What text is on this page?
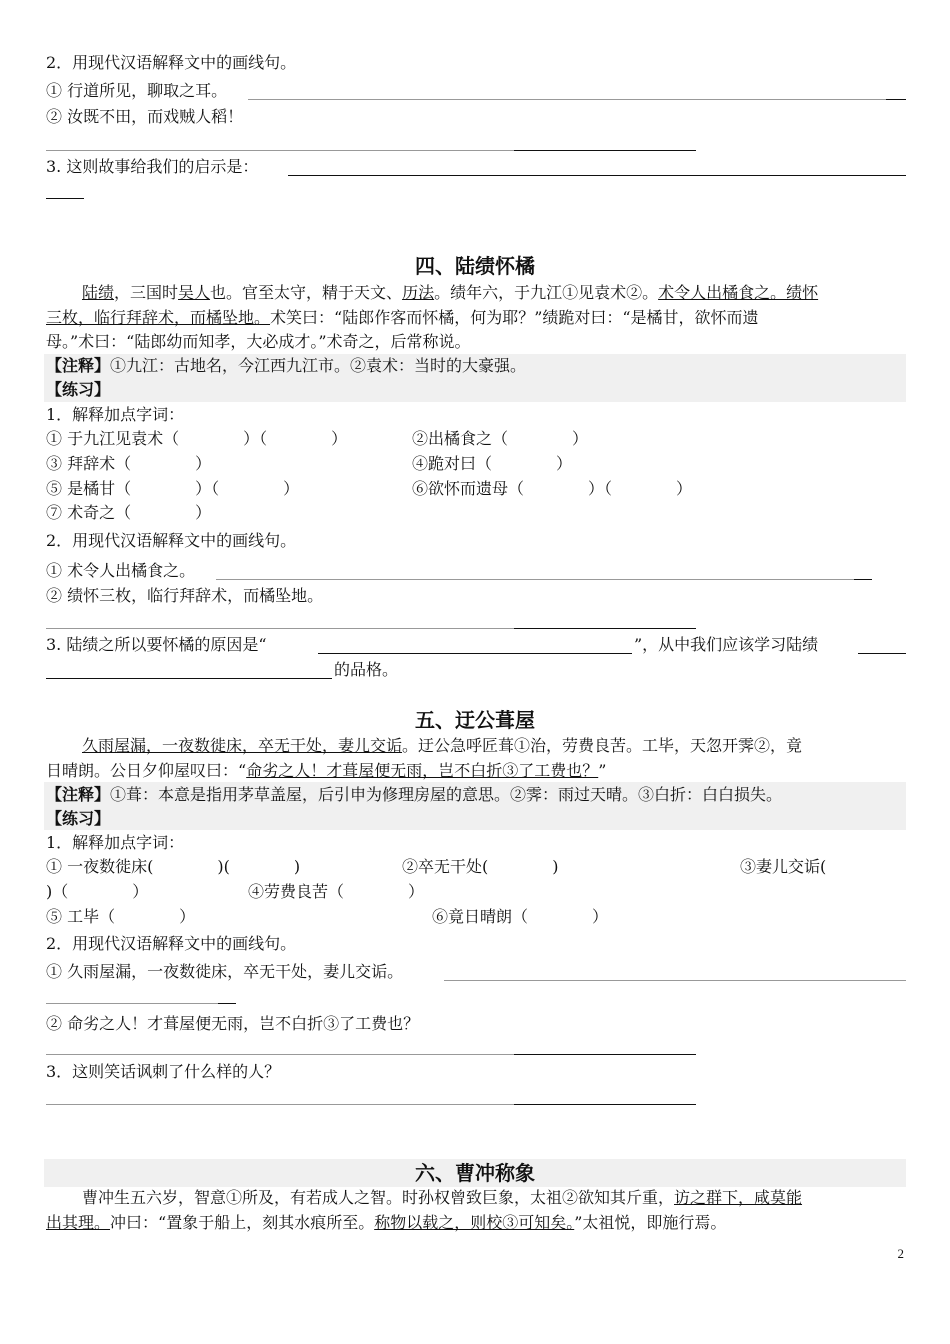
2．用现代汉语解释文中的画线句。
① 行道所见，聊取之耳。
② 汝既不田，而戏贼人稻！
3. 这则故事给我们的启示是：
四、陆绩怀橘
陆绩，三国时吴人也。官至太守，精于天文、历法。绩年六，于九江①见袁术②。术令人出橘食之。绩怀
三枚，临行拜辞术，而橘坠地。术笑曰：“陆郎作客而怀橘，何为耶？”绩跪对曰：“是橘甘，欲怀而遗
母。”术曰：“陆郎幼而知孝，大必成才。”术奇之，后常称说。
【注释】①九江：古地名，今江西九江市。②袁术：当时的大豪强。
【练习】
1．解释加点字词：
① 于九江见袁术（　　　　）（　　　　）	②出橘食之（　　　　）
③ 拜辞术（　　　　）	④跪对曰（　　　　）
⑤ 是橘甘（　　　　）（　　　　）	⑥欲怀而遗母（　　　　）（　　　　）
⑦ 术奇之（　　　　）
2．用现代汉语解释文中的画线句。
① 术令人出橘食之。
② 绩怀三枚，临行拜辞术，而橘坠地。
3. 陆绩之所以要怀橘的原因是“	”，从中我们应该学习陆绩
的品格。
五、迂公葺屋
久雨屋漏，一夜数徙床，卒无干处，妻儿交诟。迂公急呼匠葺①治，劳费良苦。工毕，天忽开霁②，竟
日晴朗。公日夕仰屋叹曰：“命劣之人！才葺屋便无雨，岂不白折③了工费也？”
【注释】①葺：本意是指用茅草盖屋，后引申为修理房屋的意思。②霁：雨过天晴。③白折：白白损失。
【练习】
1．解释加点字词：
① 一夜数徙床(　　　　)(　　　　)	②卒无干处(　　　　)	③妻儿交诟(
)（　　　　）	④劳费良苦（　　　　）
⑤ 工毕（　　　　）	⑥竟日晴朗（　　　　）
2．用现代汉语解释文中的画线句。
① 久雨屋漏，一夜数徙床，卒无干处，妻儿交诟。
② 命劣之人！才葺屋便无雨，岂不白折③了工费也？
3．这则笑话讽刺了什么样的人？
六、曹冲称象
曹冲生五六岁，智意①所及，有若成人之智。时孙权曾致巨象，太祖②欲知其斤重，访之群下，咸莫能
出其理。冲曰：“置象于船上，刻其水痕所至。称物以载之，则校③可知矣。”太祖悦，即施行焉。
2
